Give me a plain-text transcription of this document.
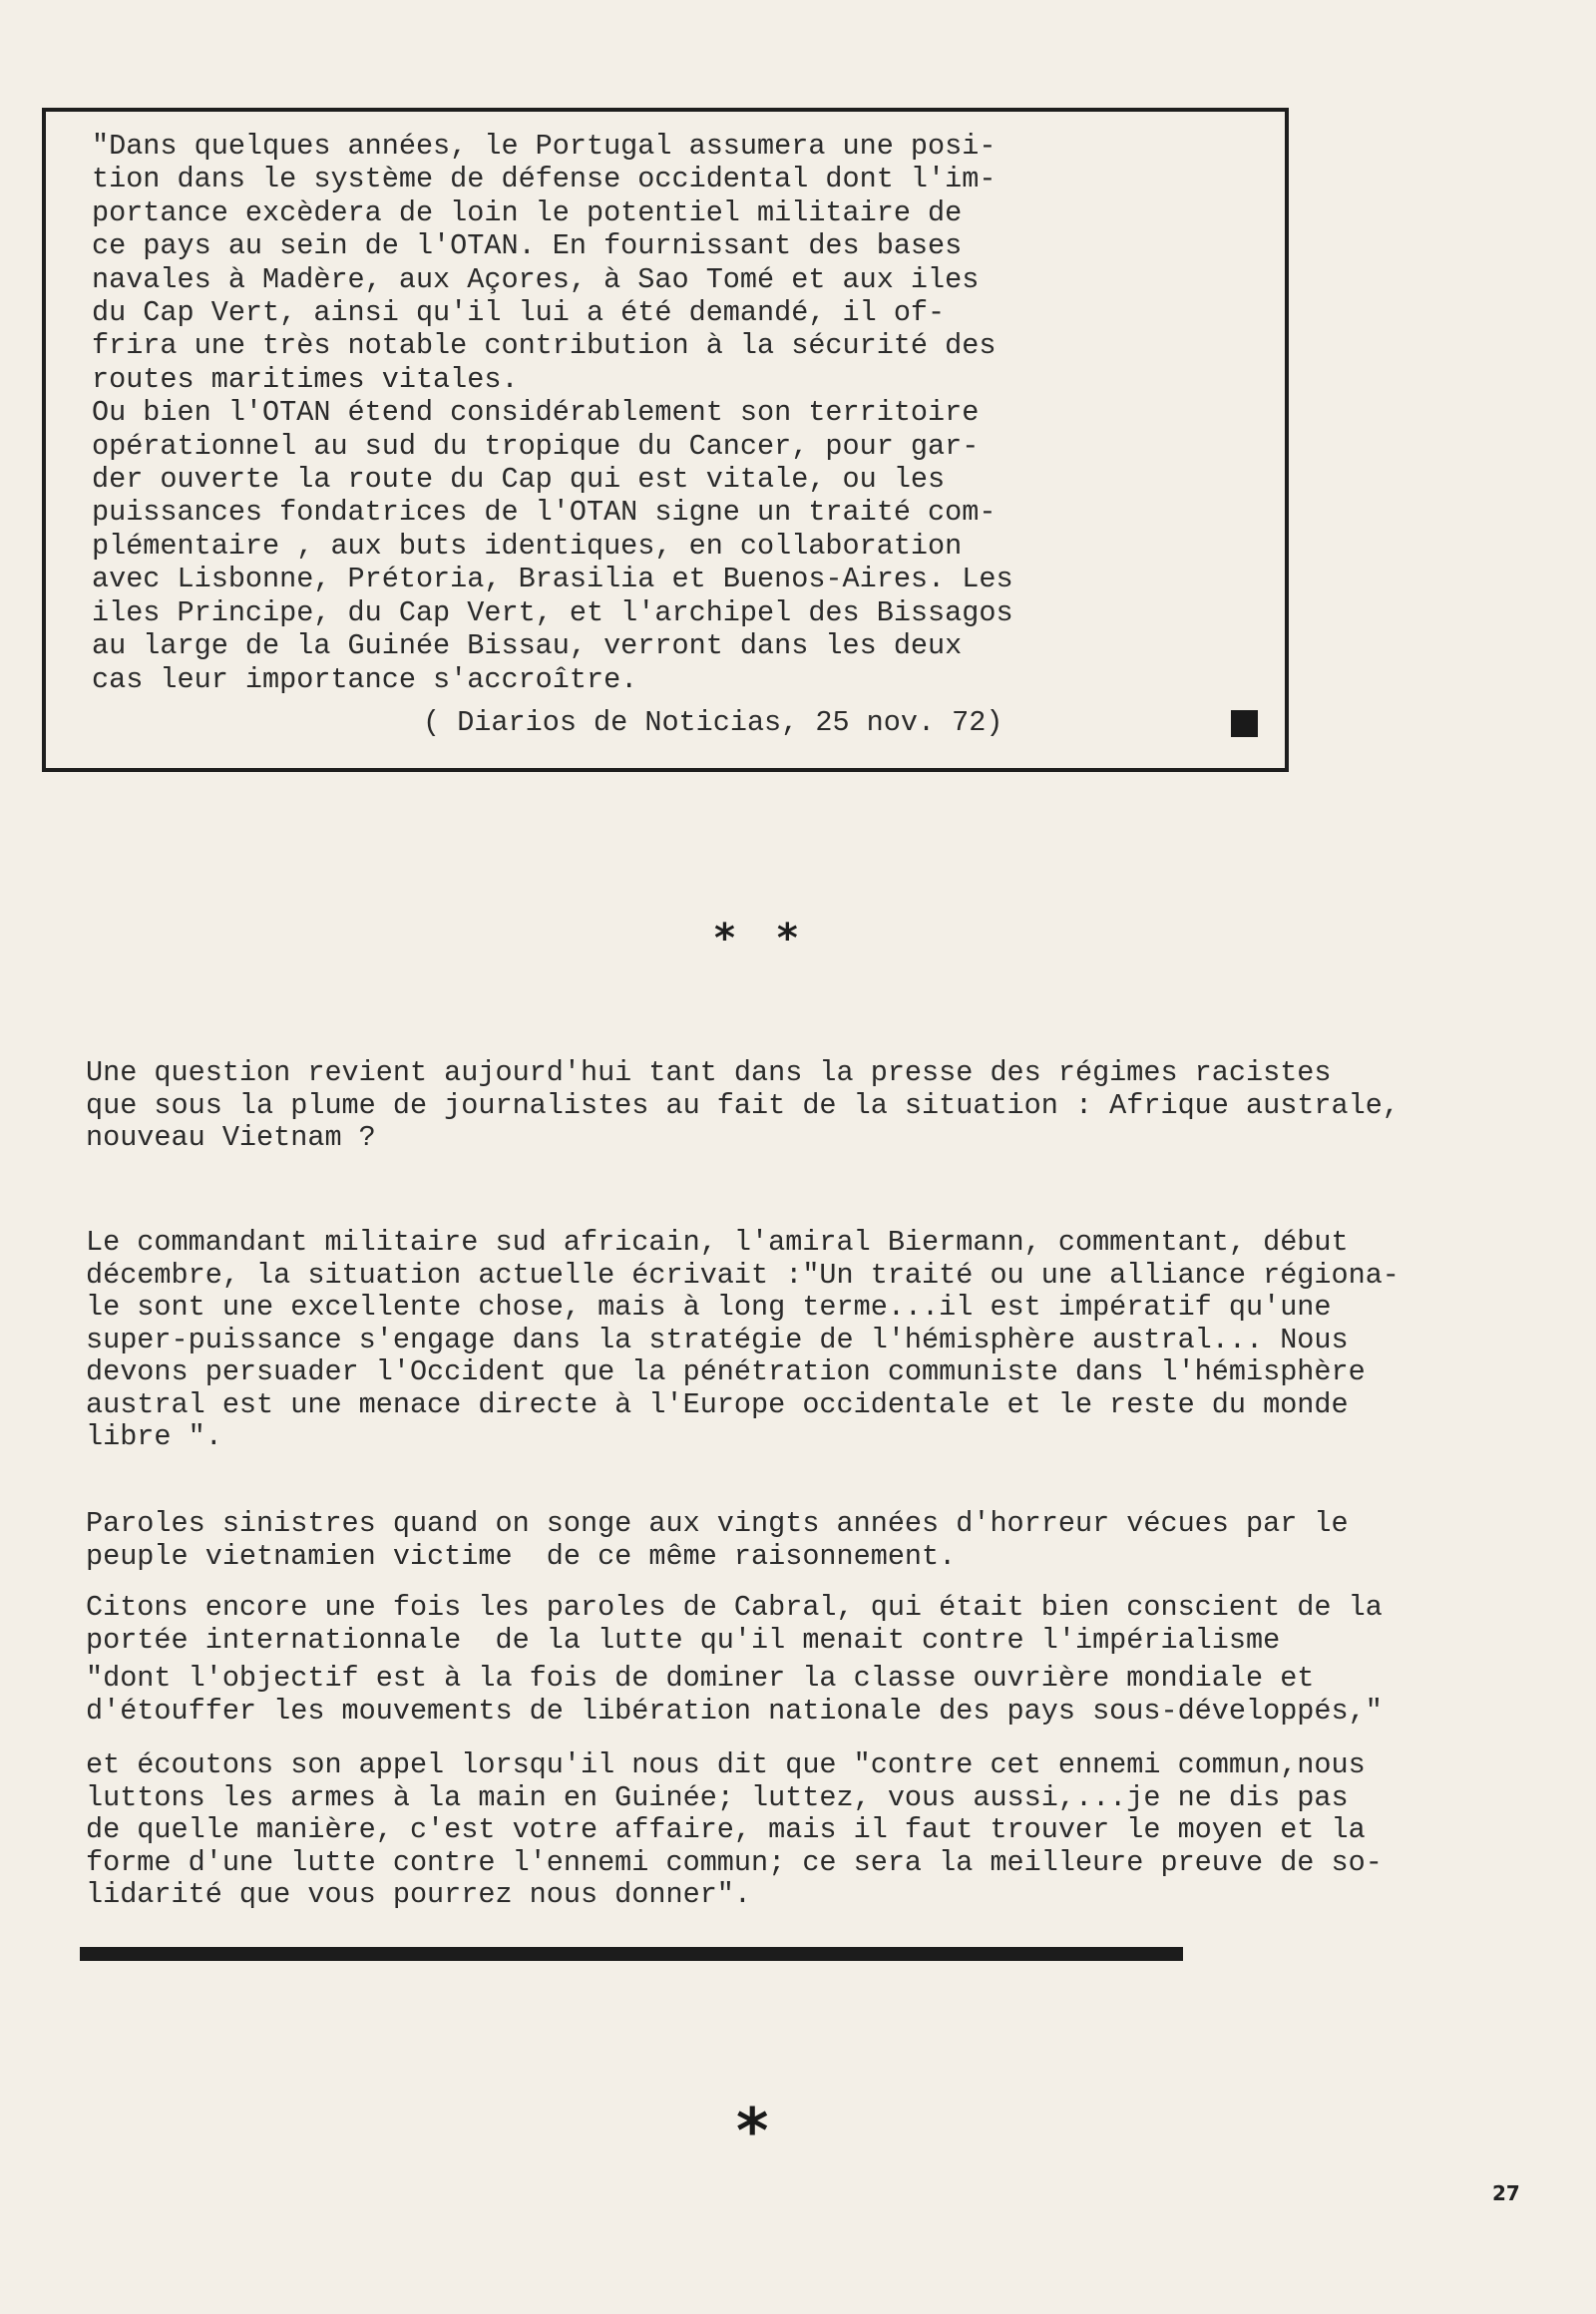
"Dans quelques années, le Portugal assumera une posi-
tion dans le système de défense occidental dont l'im-
portance excèdera de loin le potentiel militaire de
ce pays au sein de l'OTAN. En fournissant des bases
navales à Madère, aux Açores, à Sao Tomé et aux iles
du Cap Vert, ainsi qu'il lui a été demandé, il of-
frira une très notable contribution à la sécurité des
routes maritimes vitales.
Ou bien l'OTAN étend considérablement son territoire
opérationnel au sud du tropique du Cancer, pour gar-
der ouverte la route du Cap qui est vitale, ou les
puissances fondatrices de l'OTAN signe un traité com-
plémentaire , aux buts identiques, en collaboration
avec Lisbonne, Prétoria, Brasilia et Buenos-Aires. Les
iles Principe, du Cap Vert, et l'archipel des Bissagos
au large de la Guinée Bissau, verront dans les deux
cas leur importance s'accroître.
( Diarios de Noticias, 25 nov. 72)
* *
Une question revient aujourd'hui tant dans la presse des régimes racistes
que sous la plume de journalistes au fait de la situation : Afrique australe,
nouveau Vietnam ?
Le commandant militaire sud africain, l'amiral Biermann, commentant, début
décembre, la situation actuelle écrivait :"Un traité ou une alliance régiona-
le sont une excellente chose, mais à long terme...il est impératif qu'une
super-puissance s'engage dans la stratégie de l'hémisphère austral... Nous
devons persuader l'Occident que la pénétration communiste dans l'hémisphère
austral est une menace directe à l'Europe occidentale et le reste du monde
libre ".
Paroles sinistres quand on songe aux vingts années d'horreur vécues par le
peuple vietnamien victime  de ce même raisonnement.
Citons encore une fois les paroles de Cabral, qui était bien conscient de la
portée internationnale  de la lutte qu'il menait contre l'impérialisme
"dont l'objectif est à la fois de dominer la classe ouvrière mondiale et
d'étouffer les mouvements de libération nationale des pays sous-développés,"
et écoutons son appel lorsqu'il nous dit que "contre cet ennemi commun,nous
luttons les armes à la main en Guinée; luttez, vous aussi,...je ne dis pas
de quelle manière, c'est votre affaire, mais il faut trouver le moyen et la
forme d'une lutte contre l'ennemi commun; ce sera la meilleure preuve de so-
lidarité que vous pourrez nous donner".
*
27
